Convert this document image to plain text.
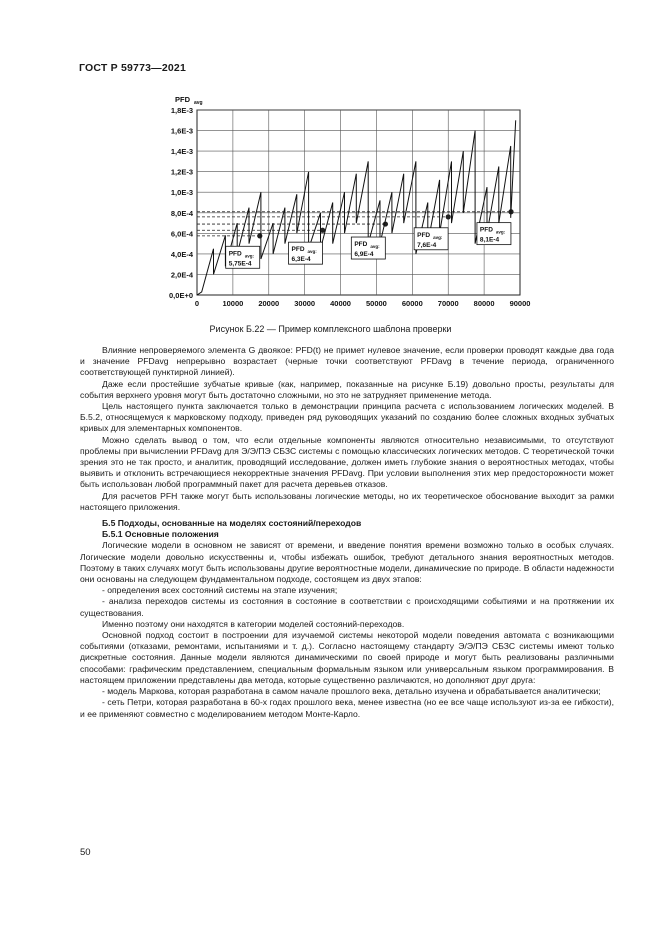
ГОСТ Р 59773—2021
0,0E+0
2,0E-4
4,0E-4
6,0E-4
8,0E-4
1,0E-3
1,2E-3
1,4E-3
1,6E-3
1,8E-3
0	10000 20000 30000 40000 50000 60000 70000 80000 90000
PFD avg
PFD avg:
5,75E-4
PFD avg:
6,3E-4
PFD avg:
6,9E-4
PFD avg:
7,6E-4
PFD avg:
8,1E-4
Рисунок Б.22 — Пример комплексного шаблона проверки

Влияние непроверяемого элемента G двоякое: PFD(t) не примет нулевое значение, если проверки проводят каждые два года и значение PFDavg непрерывно возрастает (черные точки соответствуют PFDavg в течение периода, ограниченного соответствующей пунктирной линией).

Даже если простейшие зубчатые кривые (как, например, показанные на рисунке Б.19) довольно просты, результаты для события верхнего уровня могут быть достаточно сложными, но это не затрудняет применение метода.

Цель настоящего пункта заключается только в демонстрации принципа расчета с использованием логических моделей. В Б.5.2, относящемуся к марковскому подходу, приведен ряд руководящих указаний по созданию более сложных входных зубчатых кривых для элементарных компонентов.

Можно сделать вывод о том, что если отдельные компоненты являются относительно независимыми, то отсутствуют проблемы при вычислении PFDavg для Э/Э/ПЭ СБЗС системы с помощью классических логических методов. С теоретической точки зрения это не так просто, и аналитик, проводящий исследование, должен иметь глубокие знания о вероятностных методах, чтобы выявить и отклонить встречающиеся некорректные значения PFDavg. При условии выполнения этих мер предосторожности может быть использован любой программный пакет для расчета деревьев отказов.

Для расчетов PFH также могут быть использованы логические методы, но их теоретическое обоснование выходит за рамки настоящего приложения.

Б.5 Подходы, основанные на моделях состояний/переходов
Б.5.1 Основные положения

Логические модели в основном не зависят от времени, и введение понятия времени возможно только в особых случаях. Логические модели довольно искусственны и, чтобы избежать ошибок, требуют детального знания вероятностных методов. Поэтому в таких случаях могут быть использованы другие вероятностные модели, динамические по природе. В области надежности они основаны на следующем фундаментальном подходе, состоящем из двух этапов:

- определения всех состояний системы на этапе изучения;

- анализа переходов системы из состояния в состояние в соответствии с происходящими событиями и на протяжении их существования.

Именно поэтому они находятся в категории моделей состояний-переходов.

Основной подход состоит в построении для изучаемой системы некоторой модели поведения автомата с возникающими событиями (отказами, ремонтами, испытаниями и т. д.). Согласно настоящему стандарту Э/Э/ПЭ СБЗС системы имеют только дискретные состояния. Данные модели являются динамическими по своей природе и могут быть реализованы различными способами: графическим представлением, специальным формальным языком или универсальным языком программирования. В настоящем приложении представлены два метода, которые существенно различаются, но дополняют друг друга:

- модель Маркова, которая разработана в самом начале прошлого века, детально изучена и обрабатывается аналитически;

- сеть Петри, которая разработана в 60-х годах прошлого века, менее известна (но ее все чаще используют из-за ее гибкости), и ее применяют совместно с моделированием методом Монте-Карло.

50
